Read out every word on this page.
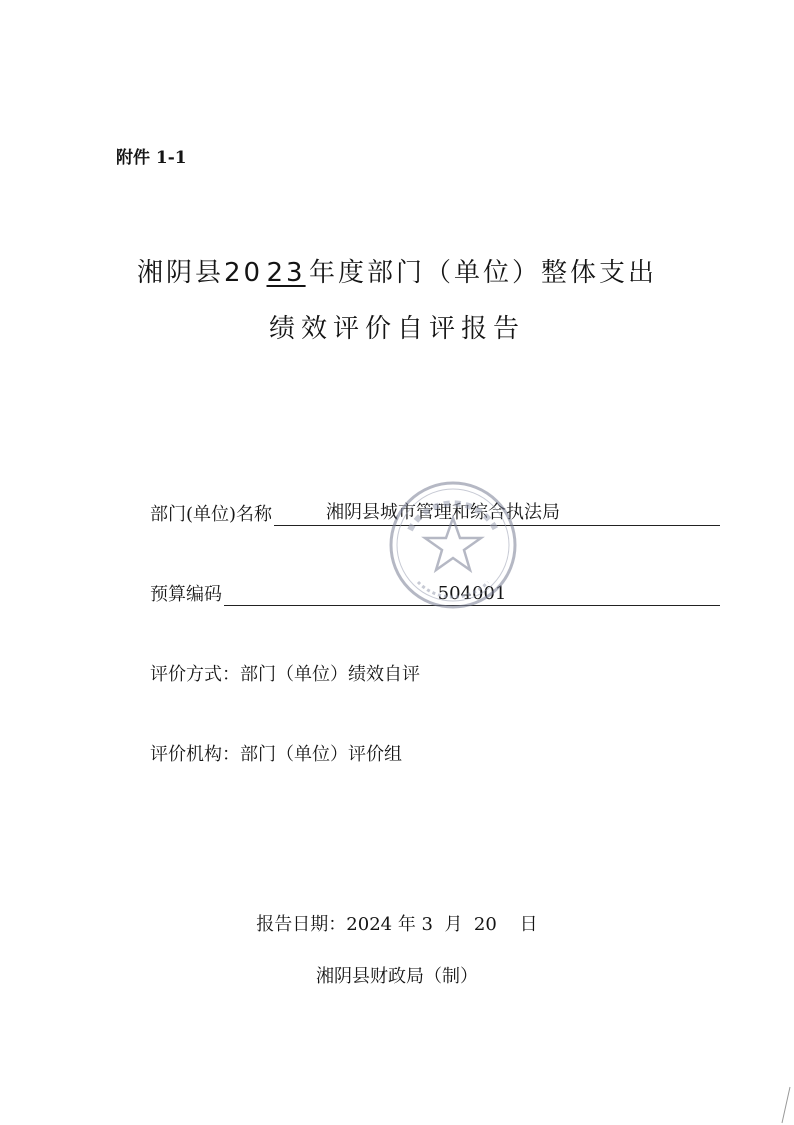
附件 1-1
湘阴县20 23 年度部门（单位）整体支出
绩效评价自评报告
部门(单位)名称	湘阴县城市管理和综合执法局
预算编码	504001
评价方式：部门（单位）绩效自评
评价机构：部门（单位）评价组
报告日期：2024 年 3  月  20    日
湘阴县财政局（制）
